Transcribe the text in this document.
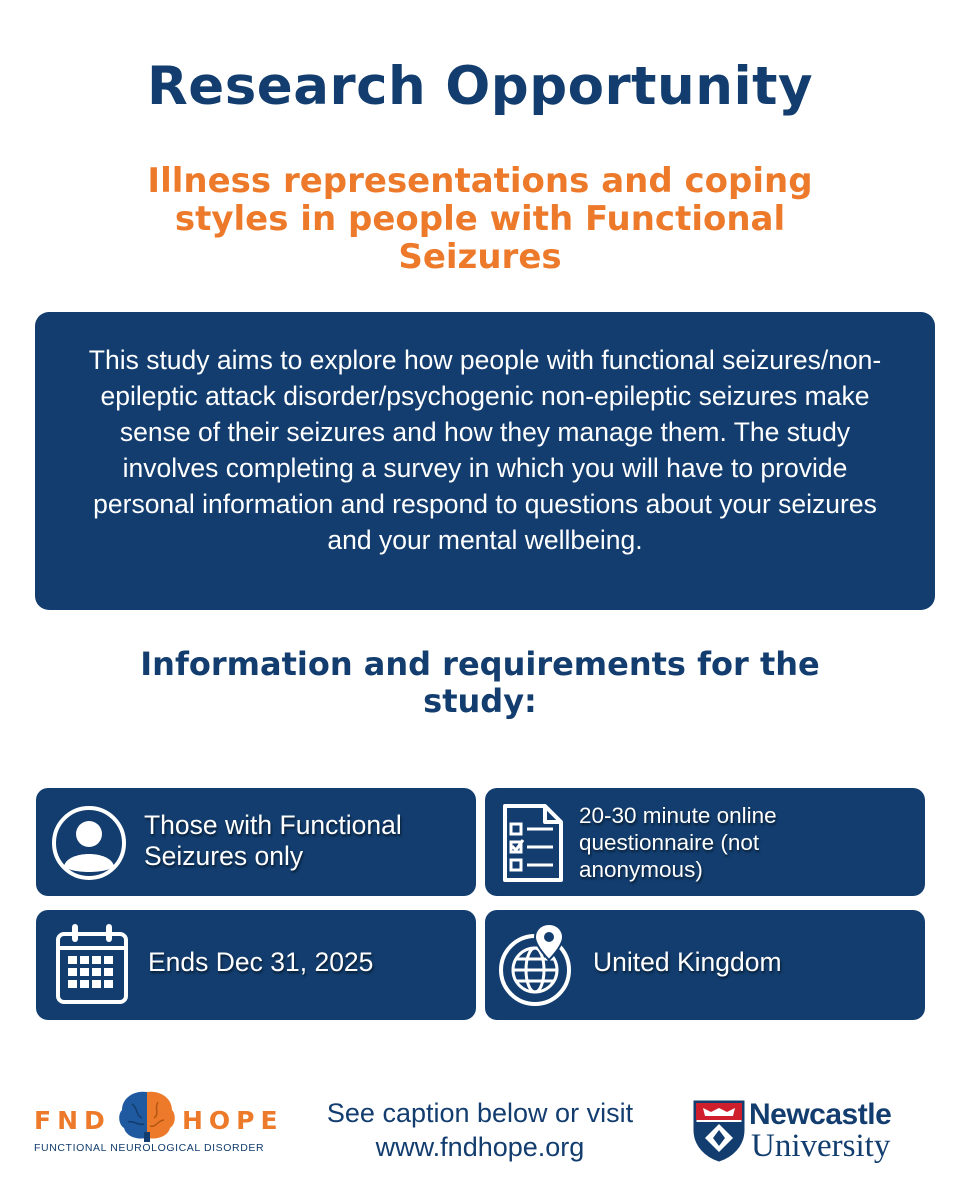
Research Opportunity
Illness representations and coping styles in people with Functional Seizures

This study aims to explore how people with functional seizures/non-epileptic attack disorder/psychogenic non-epileptic seizures make sense of their seizures and how they manage them. The study involves completing a survey in which you will have to provide personal information and respond to questions about your seizures and your mental wellbeing.

Information and requirements for the study:
Those with Functional Seizures only
20-30 minute online questionnaire (not anonymous)
Ends Dec 31, 2025	United Kingdom
FND	HOPE
FUNCTIONAL NEUROLOGICAL DISORDER

See caption below or visit www.fndhope.org

Newcastle
University
